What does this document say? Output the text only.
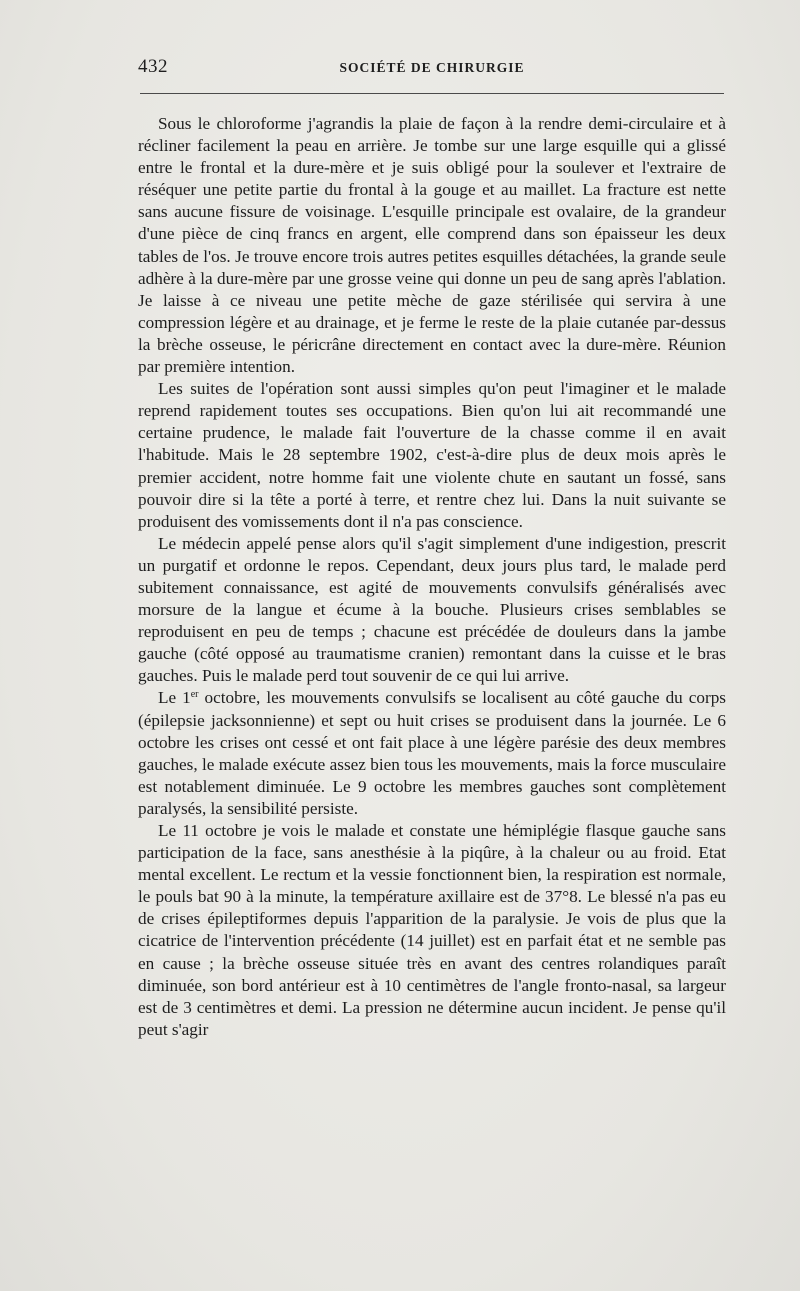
432	SOCIÉTÉ DE CHIRURGIE

Sous le chloroforme j'agrandis la plaie de façon à la rendre demi-circulaire et à récliner facilement la peau en arrière. Je tombe sur une large esquille qui a glissé entre le frontal et la dure-mère et je suis obligé pour la soulever et l'extraire de réséquer une petite partie du frontal à la gouge et au maillet. La fracture est nette sans aucune fissure de voisinage. L'esquille principale est ovalaire, de la grandeur d'une pièce de cinq francs en argent, elle comprend dans son épaisseur les deux tables de l'os. Je trouve encore trois autres petites esquilles détachées, la grande seule adhère à la dure-mère par une grosse veine qui donne un peu de sang après l'ablation. Je laisse à ce niveau une petite mèche de gaze stérilisée qui servira à une compression légère et au drainage, et je ferme le reste de la plaie cutanée par-dessus la brèche osseuse, le péricrâne directement en contact avec la dure-mère. Réunion par première intention.

Les suites de l'opération sont aussi simples qu'on peut l'imaginer et le malade reprend rapidement toutes ses occupations. Bien qu'on lui ait recommandé une certaine prudence, le malade fait l'ouverture de la chasse comme il en avait l'habitude. Mais le 28 septembre 1902, c'est-à-dire plus de deux mois après le premier accident, notre homme fait une violente chute en sautant un fossé, sans pouvoir dire si la tête a porté à terre, et rentre chez lui. Dans la nuit suivante se produisent des vomissements dont il n'a pas conscience.

Le médecin appelé pense alors qu'il s'agit simplement d'une indigestion, prescrit un purgatif et ordonne le repos. Cependant, deux jours plus tard, le malade perd subitement connaissance, est agité de mouvements convulsifs généralisés avec morsure de la langue et écume à la bouche. Plusieurs crises semblables se reproduisent en peu de temps ; chacune est précédée de douleurs dans la jambe gauche (côté opposé au traumatisme cranien) remontant dans la cuisse et le bras gauches. Puis le malade perd tout souvenir de ce qui lui arrive.

Le 1er octobre, les mouvements convulsifs se localisent au côté gauche du corps (épilepsie jacksonnienne) et sept ou huit crises se produisent dans la journée. Le 6 octobre les crises ont cessé et ont fait place à une légère parésie des deux membres gauches, le malade exécute assez bien tous les mouvements, mais la force musculaire est notablement diminuée. Le 9 octobre les membres gauches sont complètement paralysés, la sensibilité persiste.

Le 11 octobre je vois le malade et constate une hémiplégie flasque gauche sans participation de la face, sans anesthésie à la piqûre, à la chaleur ou au froid. Etat mental excellent. Le rectum et la vessie fonctionnent bien, la respiration est normale, le pouls bat 90 à la minute, la température axillaire est de 37°8. Le blessé n'a pas eu de crises épileptiformes depuis l'apparition de la paralysie. Je vois de plus que la cicatrice de l'intervention précédente (14 juillet) est en parfait état et ne semble pas en cause ; la brèche osseuse située très en avant des centres rolandiques paraît diminuée, son bord antérieur est à 10 centimètres de l'angle fronto-nasal, sa largeur est de 3 centimètres et demi. La pression ne détermine aucun incident. Je pense qu'il peut s'agir
